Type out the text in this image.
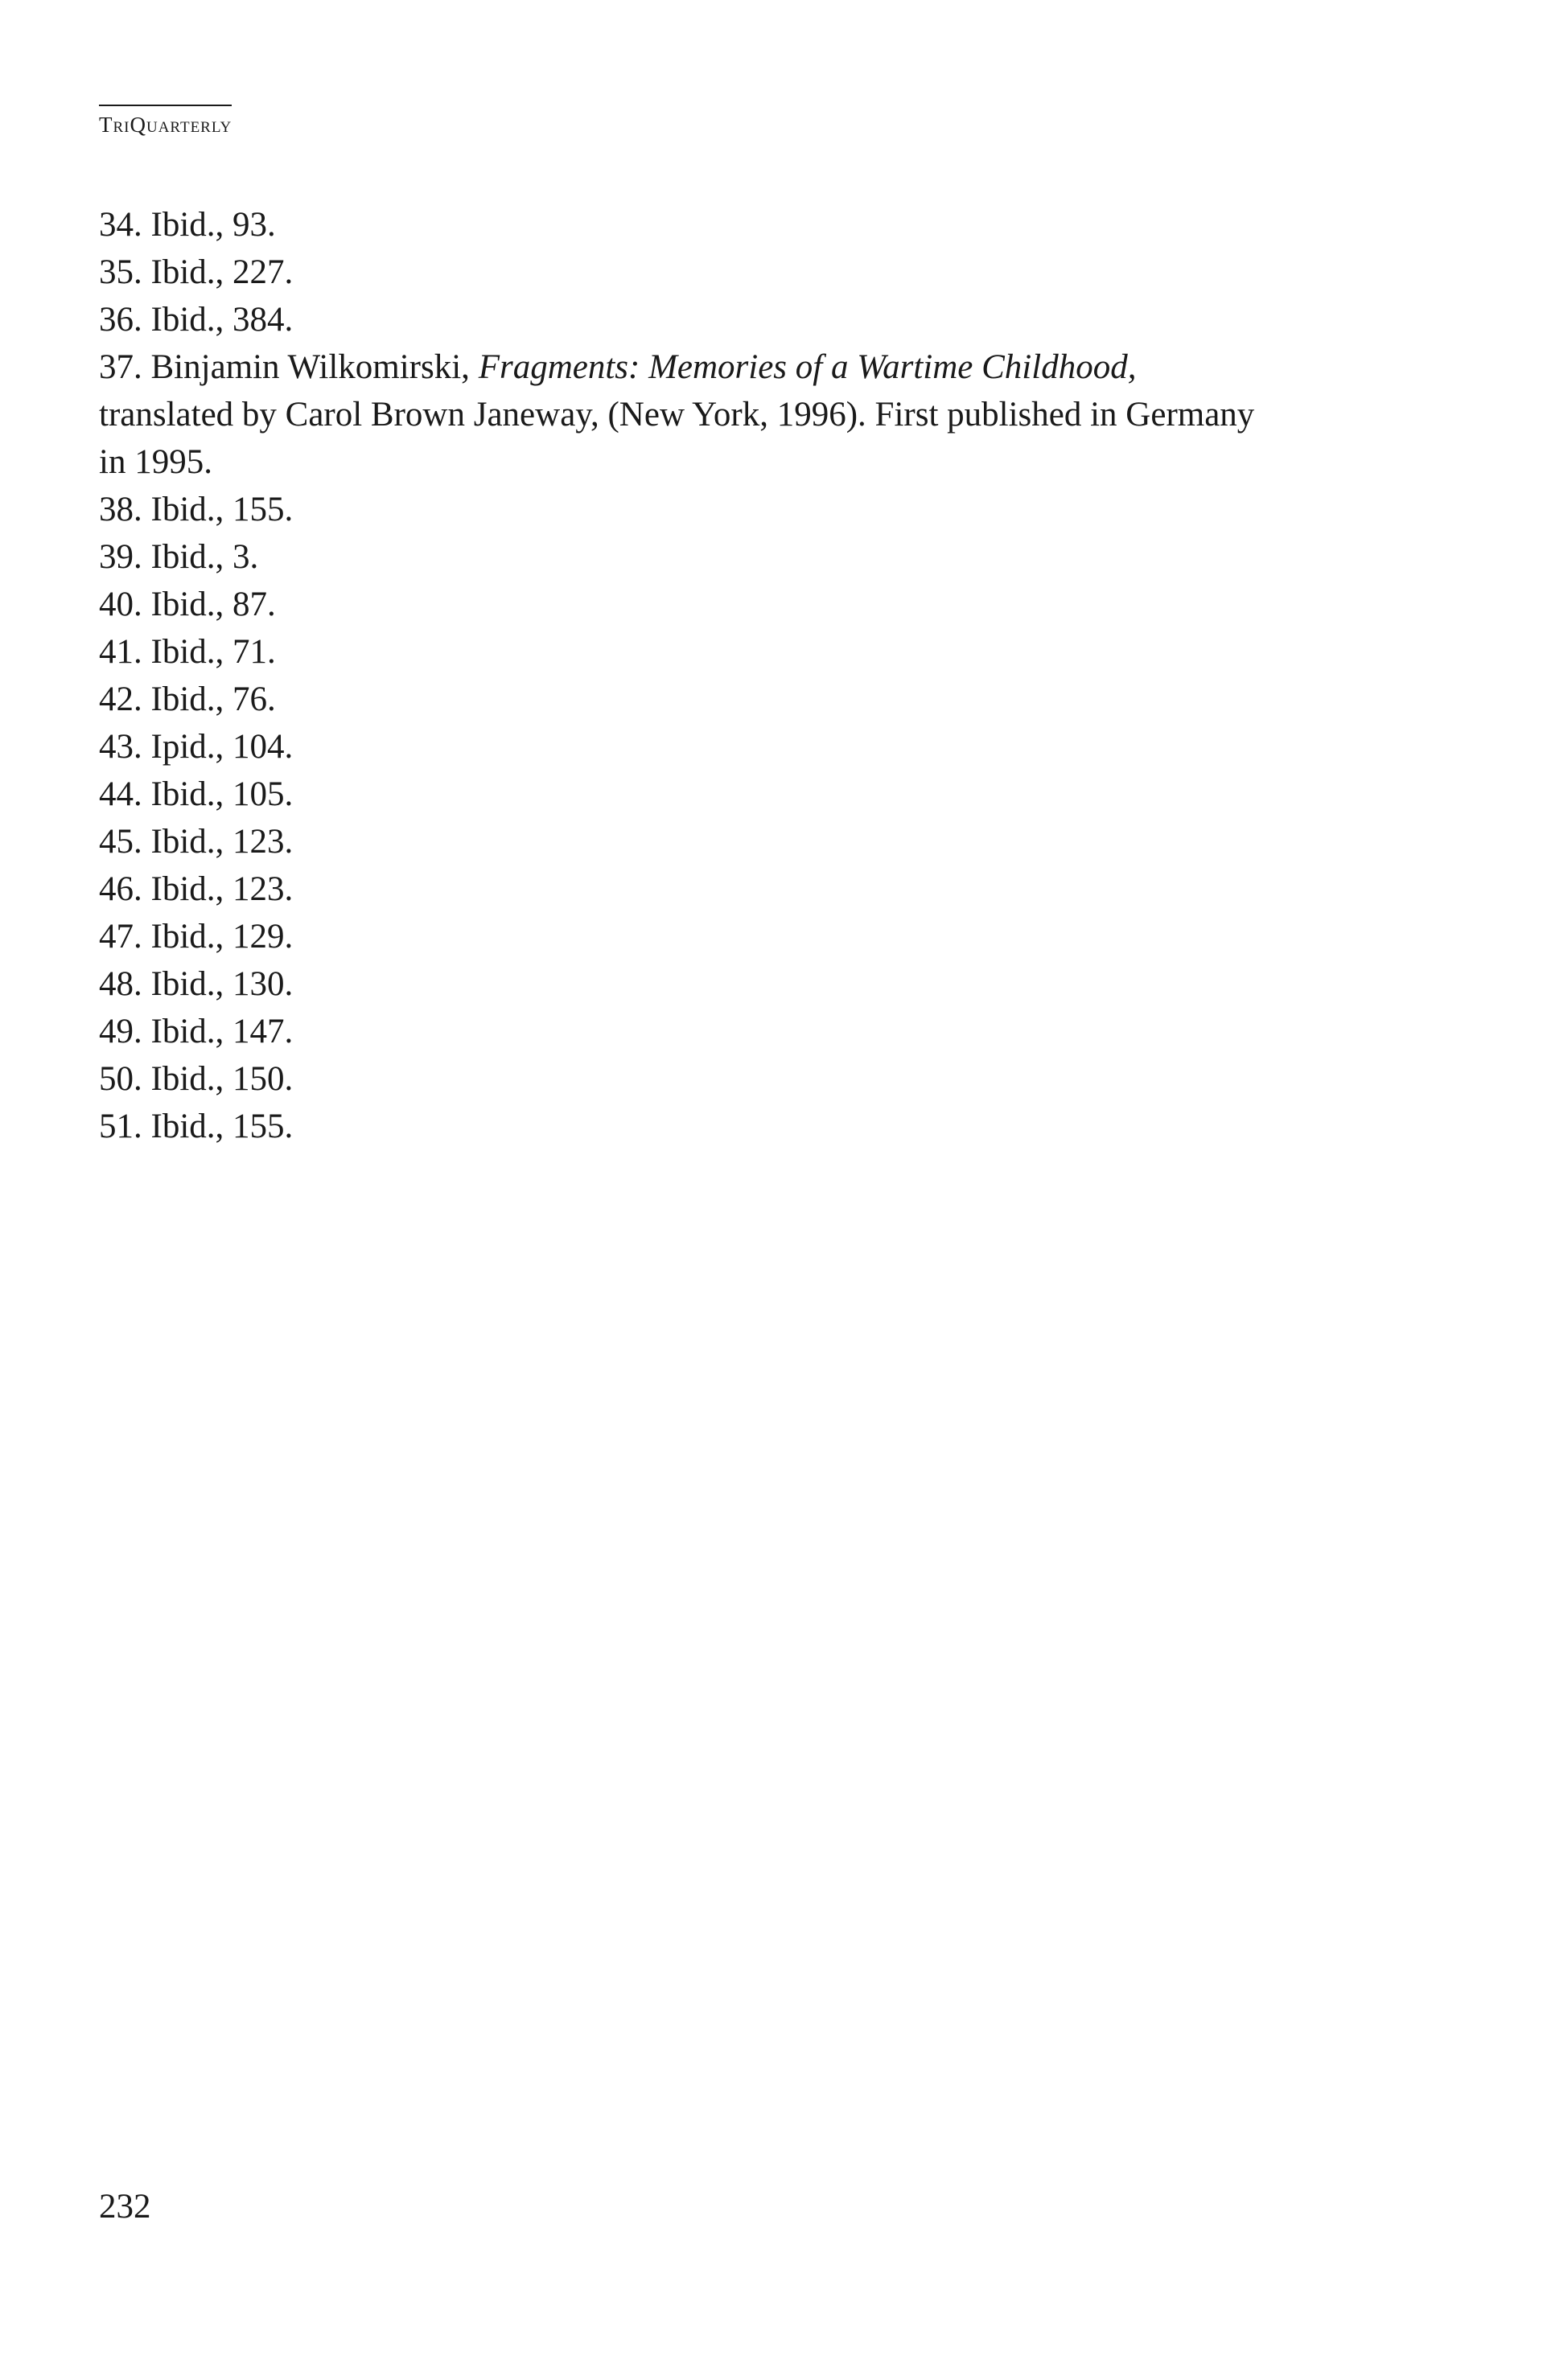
TriQuarterly

34. Ibid., 93.

35. Ibid., 227.

36. Ibid., 384.

37. Binjamin Wilkomirski, Fragments: Memories of a Wartime Childhood, translated by Carol Brown Janeway, (New York, 1996). First published in Germany in 1995.

38. Ibid., 155.

39. Ibid., 3.

40. Ibid., 87.

41. Ibid., 71.

42. Ibid., 76.

43. Ipid., 104.

44. Ibid., 105.

45. Ibid., 123.

46. Ibid., 123.

47. Ibid., 129.

48. Ibid., 130.

49. Ibid., 147.

50. Ibid., 150.

51. Ibid., 155.

232
